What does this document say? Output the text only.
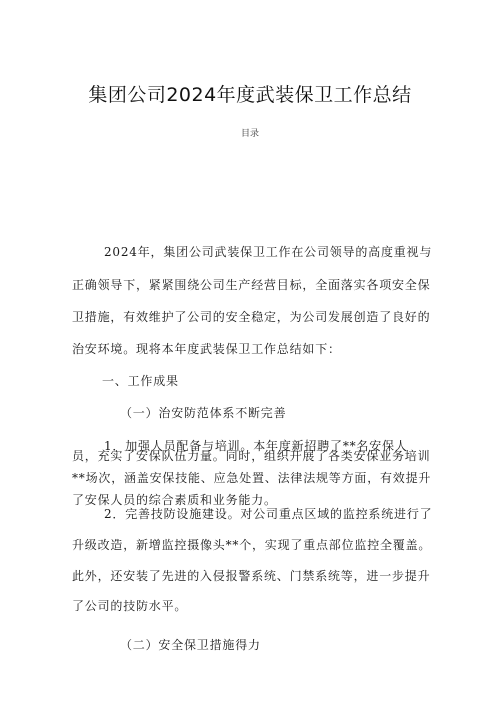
集团公司2024年度武装保卫工作总结
目录
2024年，集团公司武装保卫工作在公司领导的高度重视与
正确领导下，紧紧围绕公司生产经营目标，全面落实各项安全保
卫措施，有效维护了公司的安全稳定，为公司发展创造了良好的
治安环境。现将本年度武装保卫工作总结如下：
一、工作成果
（一）治安防范体系不断完善
1．加强人员配备与培训。本年度新招聘了**名安保人
员，充实了安保队伍力量。同时，组织开展了各类安保业务培训
**场次，涵盖安保技能、应急处置、法律法规等方面，有效提升
了安保人员的综合素质和业务能力。
2．完善技防设施建设。对公司重点区域的监控系统进行了
升级改造，新增监控摄像头**个，实现了重点部位监控全覆盖。
此外，还安装了先进的入侵报警系统、门禁系统等，进一步提升
了公司的技防水平。
（二）安全保卫措施得力
